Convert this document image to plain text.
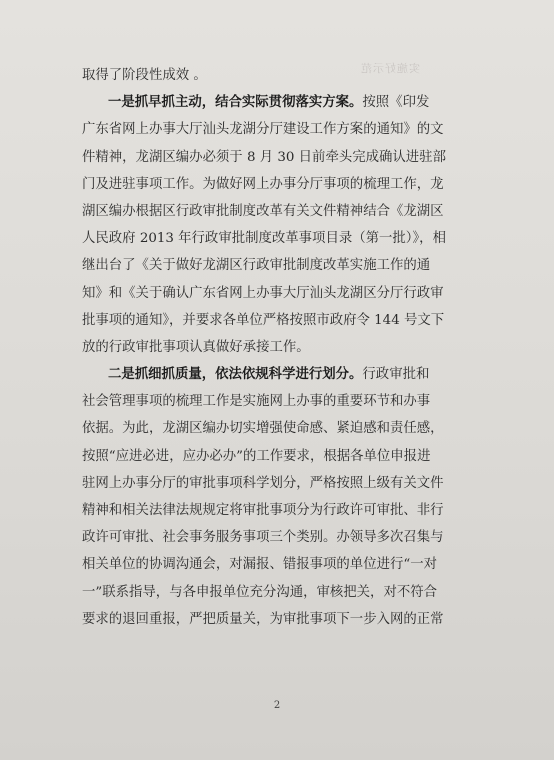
实施好示范
取得了阶段性成效 。
一是抓早抓主动，结合实际贯彻落实方案。按照《印发
广东省网上办事大厅汕头龙湖分厅建设工作方案的通知》的文
件精神，龙湖区编办必须于 8 月 30 日前牵头完成确认进驻部
门及进驻事项工作。为做好网上办事分厅事项的梳理工作，龙
湖区编办根据区行政审批制度改革有关文件精神结合《龙湖区
人民政府 2013 年行政审批制度改革事项目录（第一批）》，相
继出台了《关于做好龙湖区行政审批制度改革实施工作的通
知》和《关于确认广东省网上办事大厅汕头龙湖区分厅行政审
批事项的通知》，并要求各单位严格按照市政府令 144 号文下
放的行政审批事项认真做好承接工作。
二是抓细抓质量，依法依规科学进行划分。行政审批和
社会管理事项的梳理工作是实施网上办事的重要环节和办事
依据。为此，龙湖区编办切实增强使命感、紧迫感和责任感，
按照“应进必进，应办必办”的工作要求，根据各单位申报进
驻网上办事分厅的审批事项科学划分，严格按照上级有关文件
精神和相关法律法规规定将审批事项分为行政许可审批、非行
政许可审批、社会事务服务事项三个类别。办领导多次召集与
相关单位的协调沟通会，对漏报、错报事项的单位进行“一对
一”联系指导，与各申报单位充分沟通，审核把关，对不符合
要求的退回重报，严把质量关，为审批事项下一步入网的正常
2
